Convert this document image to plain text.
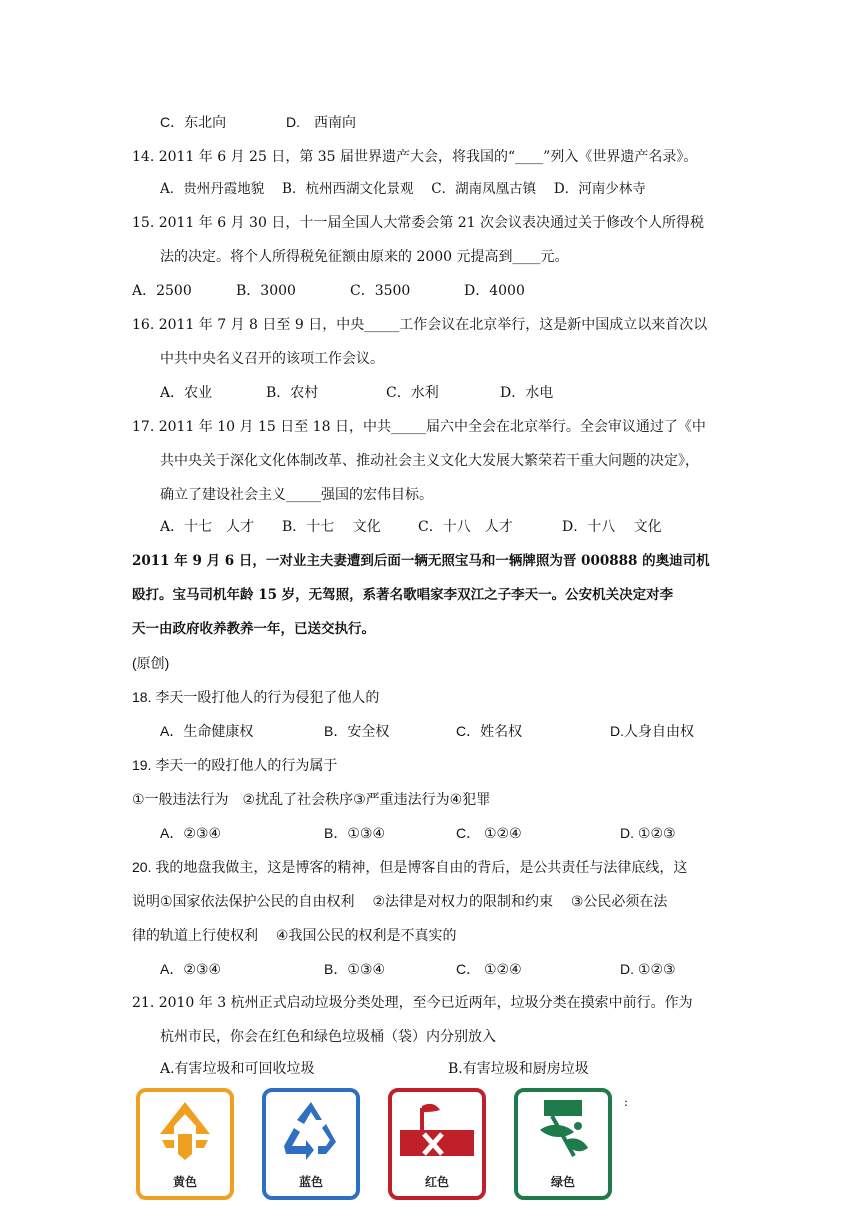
C．东北向	D.　西南向
14. 2011 年 6 月 25 日，第 35 届世界遗产大会，将我国的“____”列入《世界遗产名录》。
A．贵州丹霞地貌　 B．杭州西湖文化景观 　C．湖南凤凰古镇　 D．河南少林寺
15. 2011 年 6 月 30 日，十一届全国人大常委会第 21 次会议表决通过关于修改个人所得税
法的决定。将个人所得税免征额由原来的 2000 元提高到____元。
A．2500	B．3000	C．3500	D．4000
16. 2011 年 7 月 8 日至 9 日，中央_____工作会议在北京举行，这是新中国成立以来首次以
中共中央名义召开的该项工作会议。
A．农业	B．农村	C．水利	D．水电
17. 2011 年 10 月 15 日至 18 日，中共_____届六中全会在北京举行。全会审议通过了《中
共中央关于深化文化体制改革、推动社会主义文化大发展大繁荣若干重大问题的决定》，
确立了建设社会主义_____强国的宏伟目标。
A．十七　人才 B．十七　 文化	C．十八　人才	D．十八　 文化
2011 年 9 月 6 日，一对业主夫妻遭到后面一辆无照宝马和一辆牌照为晋 000888 的奥迪司机
殴打。宝马司机年龄 15 岁，无驾照，系著名歌唱家李双江之子李天一。公安机关决定对李
天一由政府收养教养一年，已送交执行。
(原创)
18. 李天一殴打他人的行为侵犯了他人的
A．生命健康权	B．安全权	C．姓名权	D.人身自由权
19. 李天一的殴打他人的行为属于
①一般违法行为　②扰乱了社会秩序③严重违法行为④犯罪
A．②③④	B．①③④	C． ①②④	D. ①②③
20. 我的地盘我做主，这是博客的精神，但是博客自由的背后，是公共责任与法律底线，这
说明①国家依法保护公民的自由权利　 ②法律是对权力的限制和约束　 ③公民必须在法
律的轨道上行使权利　 ④我国公民的权利是不真实的
A．②③④	B．①③④	C． ①②④	D. ①②③
21. 2010 年 3 杭州正式启动垃圾分类处理，至今已近两年，垃圾分类在摸索中前行。作为
杭州市民，你会在红色和绿色垃圾桶（袋）内分别放入
A.有害垃圾和可回收垃圾	B.有害垃圾和厨房垃圾
:
黄色	蓝色	红色	绿色
